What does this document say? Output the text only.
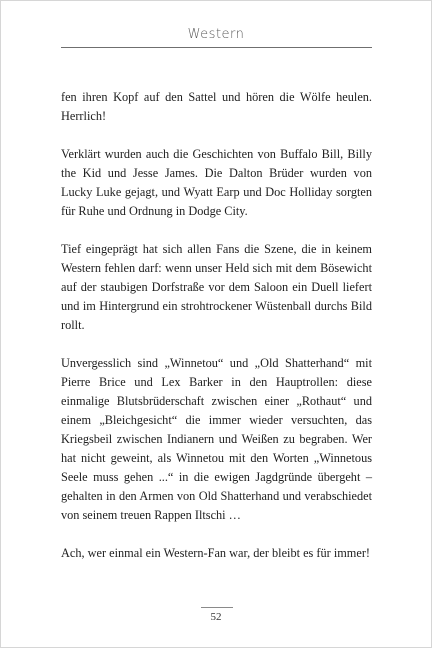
Western

fen ihren Kopf auf den Sattel und hören die Wölfe heulen. Herrlich!

Verklärt wurden auch die Geschichten von Buffalo Bill, Billy the Kid und Jesse James. Die Dalton Brüder wurden von Lucky Luke gejagt, und Wyatt Earp und Doc Holliday sorgten für Ruhe und Ordnung in Dodge City.

Tief eingeprägt hat sich allen Fans die Szene, die in keinem Western fehlen darf: wenn unser Held sich mit dem Bösewicht auf der staubigen Dorfstraße vor dem Saloon ein Duell liefert und im Hintergrund ein strohtrockener Wüstenball durchs Bild rollt.

Unvergesslich sind „Winnetou“ und „Old Shatterhand“ mit Pierre Brice und Lex Barker in den Hauptrollen: diese einmalige Blutsbrüderschaft zwischen einer „Rothaut“ und einem „Bleichgesicht“ die immer wieder versuchten, das Kriegsbeil zwischen Indianern und Weißen zu begraben. Wer hat nicht geweint, als Winnetou mit den Worten „Winnetous Seele muss gehen ...“ in die ewigen Jagdgründe übergeht – gehalten in den Armen von Old Shatterhand und verabschiedet von seinem treuen Rappen Iltschi …

Ach, wer einmal ein Western-Fan war, der bleibt es für immer!

52
